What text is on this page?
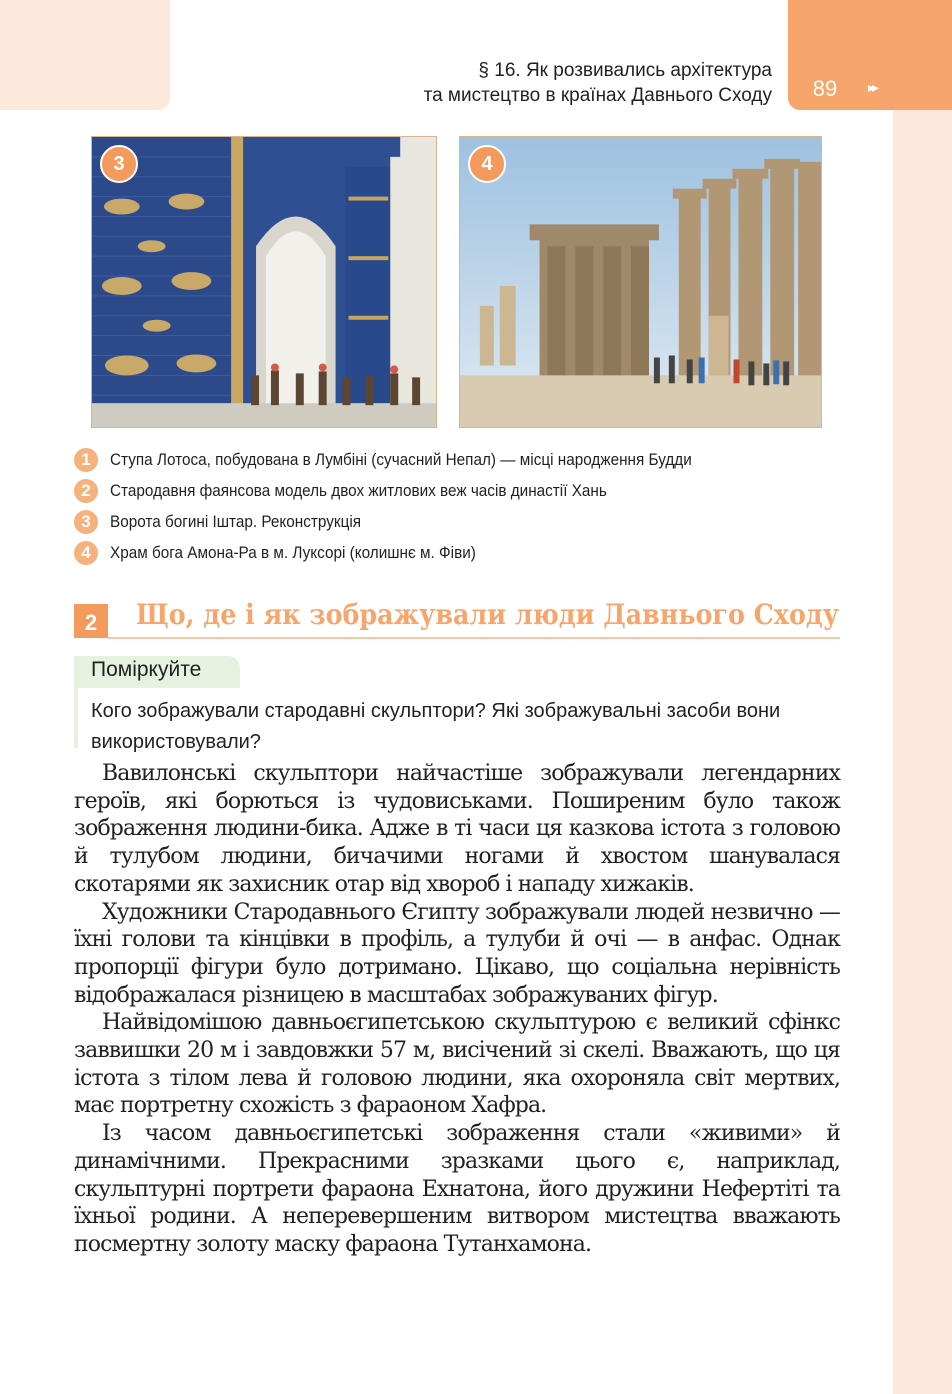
89	▸▸
§ 16. Як розвивались архітектура
та мистецтво в країнах Давнього Сходу
3	4
1	Ступа Лотоса, побудована в Лумбіні (сучасний Непал) — місці народження Будди
2	Стародавня фаянсова модель двох житлових веж часів династії Хань
3	Ворота богині Іштар. Реконструкція
4	Храм бога Амона-Ра в м. Луксорі (колишнє м. Фіви)
2	Що, де і як зображували люди Давнього Сходу
Поміркуйте
Кого зображували стародавні скульптори? Які зображувальні засоби вони використовували?

Вавилонські скульптори найчастіше зображували легендарних героїв, які борються із чудовиськами. Поширеним було також зображення людини-бика. Адже в ті часи ця казкова істота з головою й тулубом людини, бичачими ногами й хвостом шанувалася скотарями як захисник отар від хвороб і нападу хижаків.

Художники Стародавнього Єгипту зображували людей незвично — їхні голови та кінцівки в профіль, а тулуби й очі — в анфас. Однак пропорції фігури було дотримано. Цікаво, що соціальна нерівність відображалася різницею в масштабах зображуваних фігур.

Найвідомішою давньоєгипетською скульптурою є великий сфінкс заввишки 20 м і завдовжки 57 м, висічений зі скелі. Вважають, що ця істота з тілом лева й головою людини, яка охороняла світ мертвих, має портретну схожість з фараоном Хафра.

Із часом давньоєгипетські зображення стали «живими» й динамічними. Прекрасними зразками цього є, наприклад, скульптурні портрети фараона Ехнатона, його дружини Нефертіті та їхньої родини. А неперевершеним витвором мистецтва вважають посмертну золоту маску фараона Тутанхамона.
